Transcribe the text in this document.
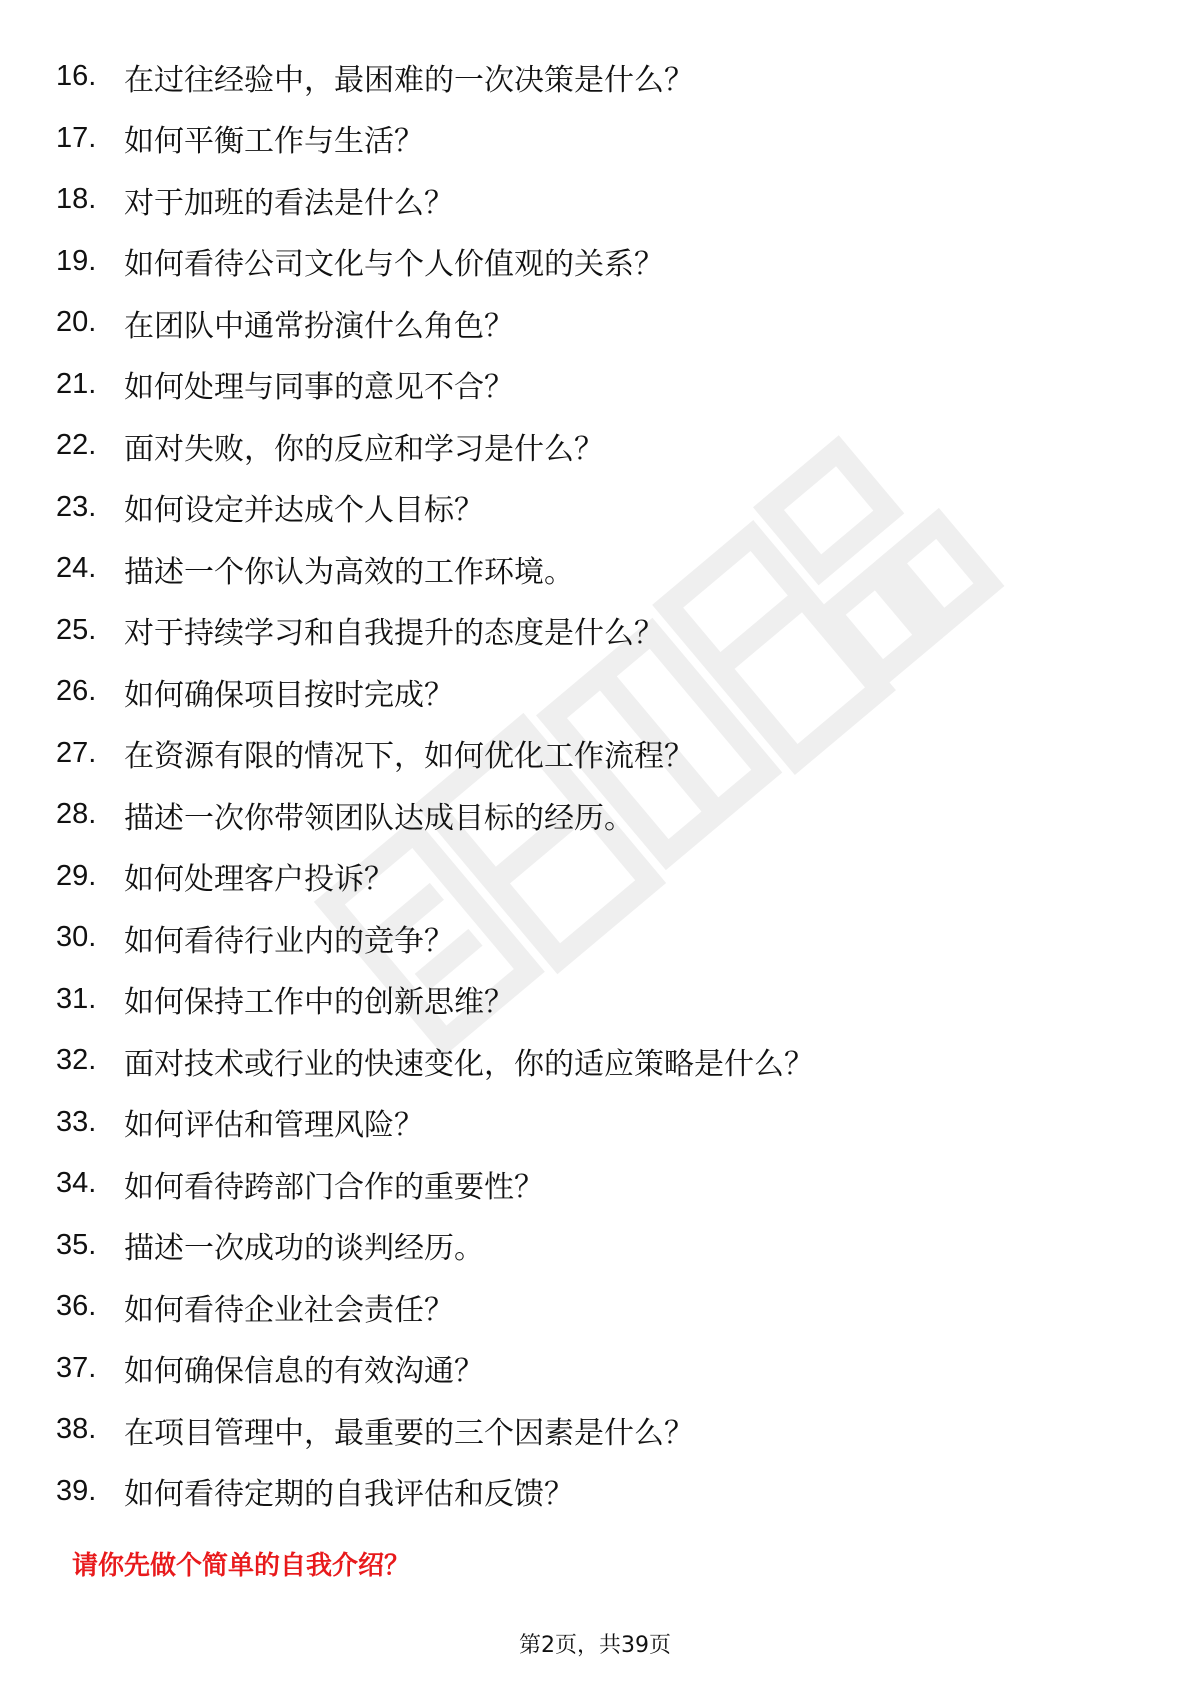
16. 在过往经验中，最困难的一次决策是什么？
17. 如何平衡工作与生活？
18. 对于加班的看法是什么？
19. 如何看待公司文化与个人价值观的关系？
20. 在团队中通常扮演什么角色？
21. 如何处理与同事的意见不合？
22. 面对失败，你的反应和学习是什么？
23. 如何设定并达成个人目标？
24. 描述一个你认为高效的工作环境。
25. 对于持续学习和自我提升的态度是什么？
26. 如何确保项目按时完成？
27. 在资源有限的情况下，如何优化工作流程？
28. 描述一次你带领团队达成目标的经历。
29. 如何处理客户投诉？
30. 如何看待行业内的竞争？
31. 如何保持工作中的创新思维？
32. 面对技术或行业的快速变化，你的适应策略是什么？
33. 如何评估和管理风险？
34. 如何看待跨部门合作的重要性？
35. 描述一次成功的谈判经历。
36. 如何看待企业社会责任？
37. 如何确保信息的有效沟通？
38. 在项目管理中，最重要的三个因素是什么？
39. 如何看待定期的自我评估和反馈？
请你先做个简单的自我介绍？
第2页，共39页
